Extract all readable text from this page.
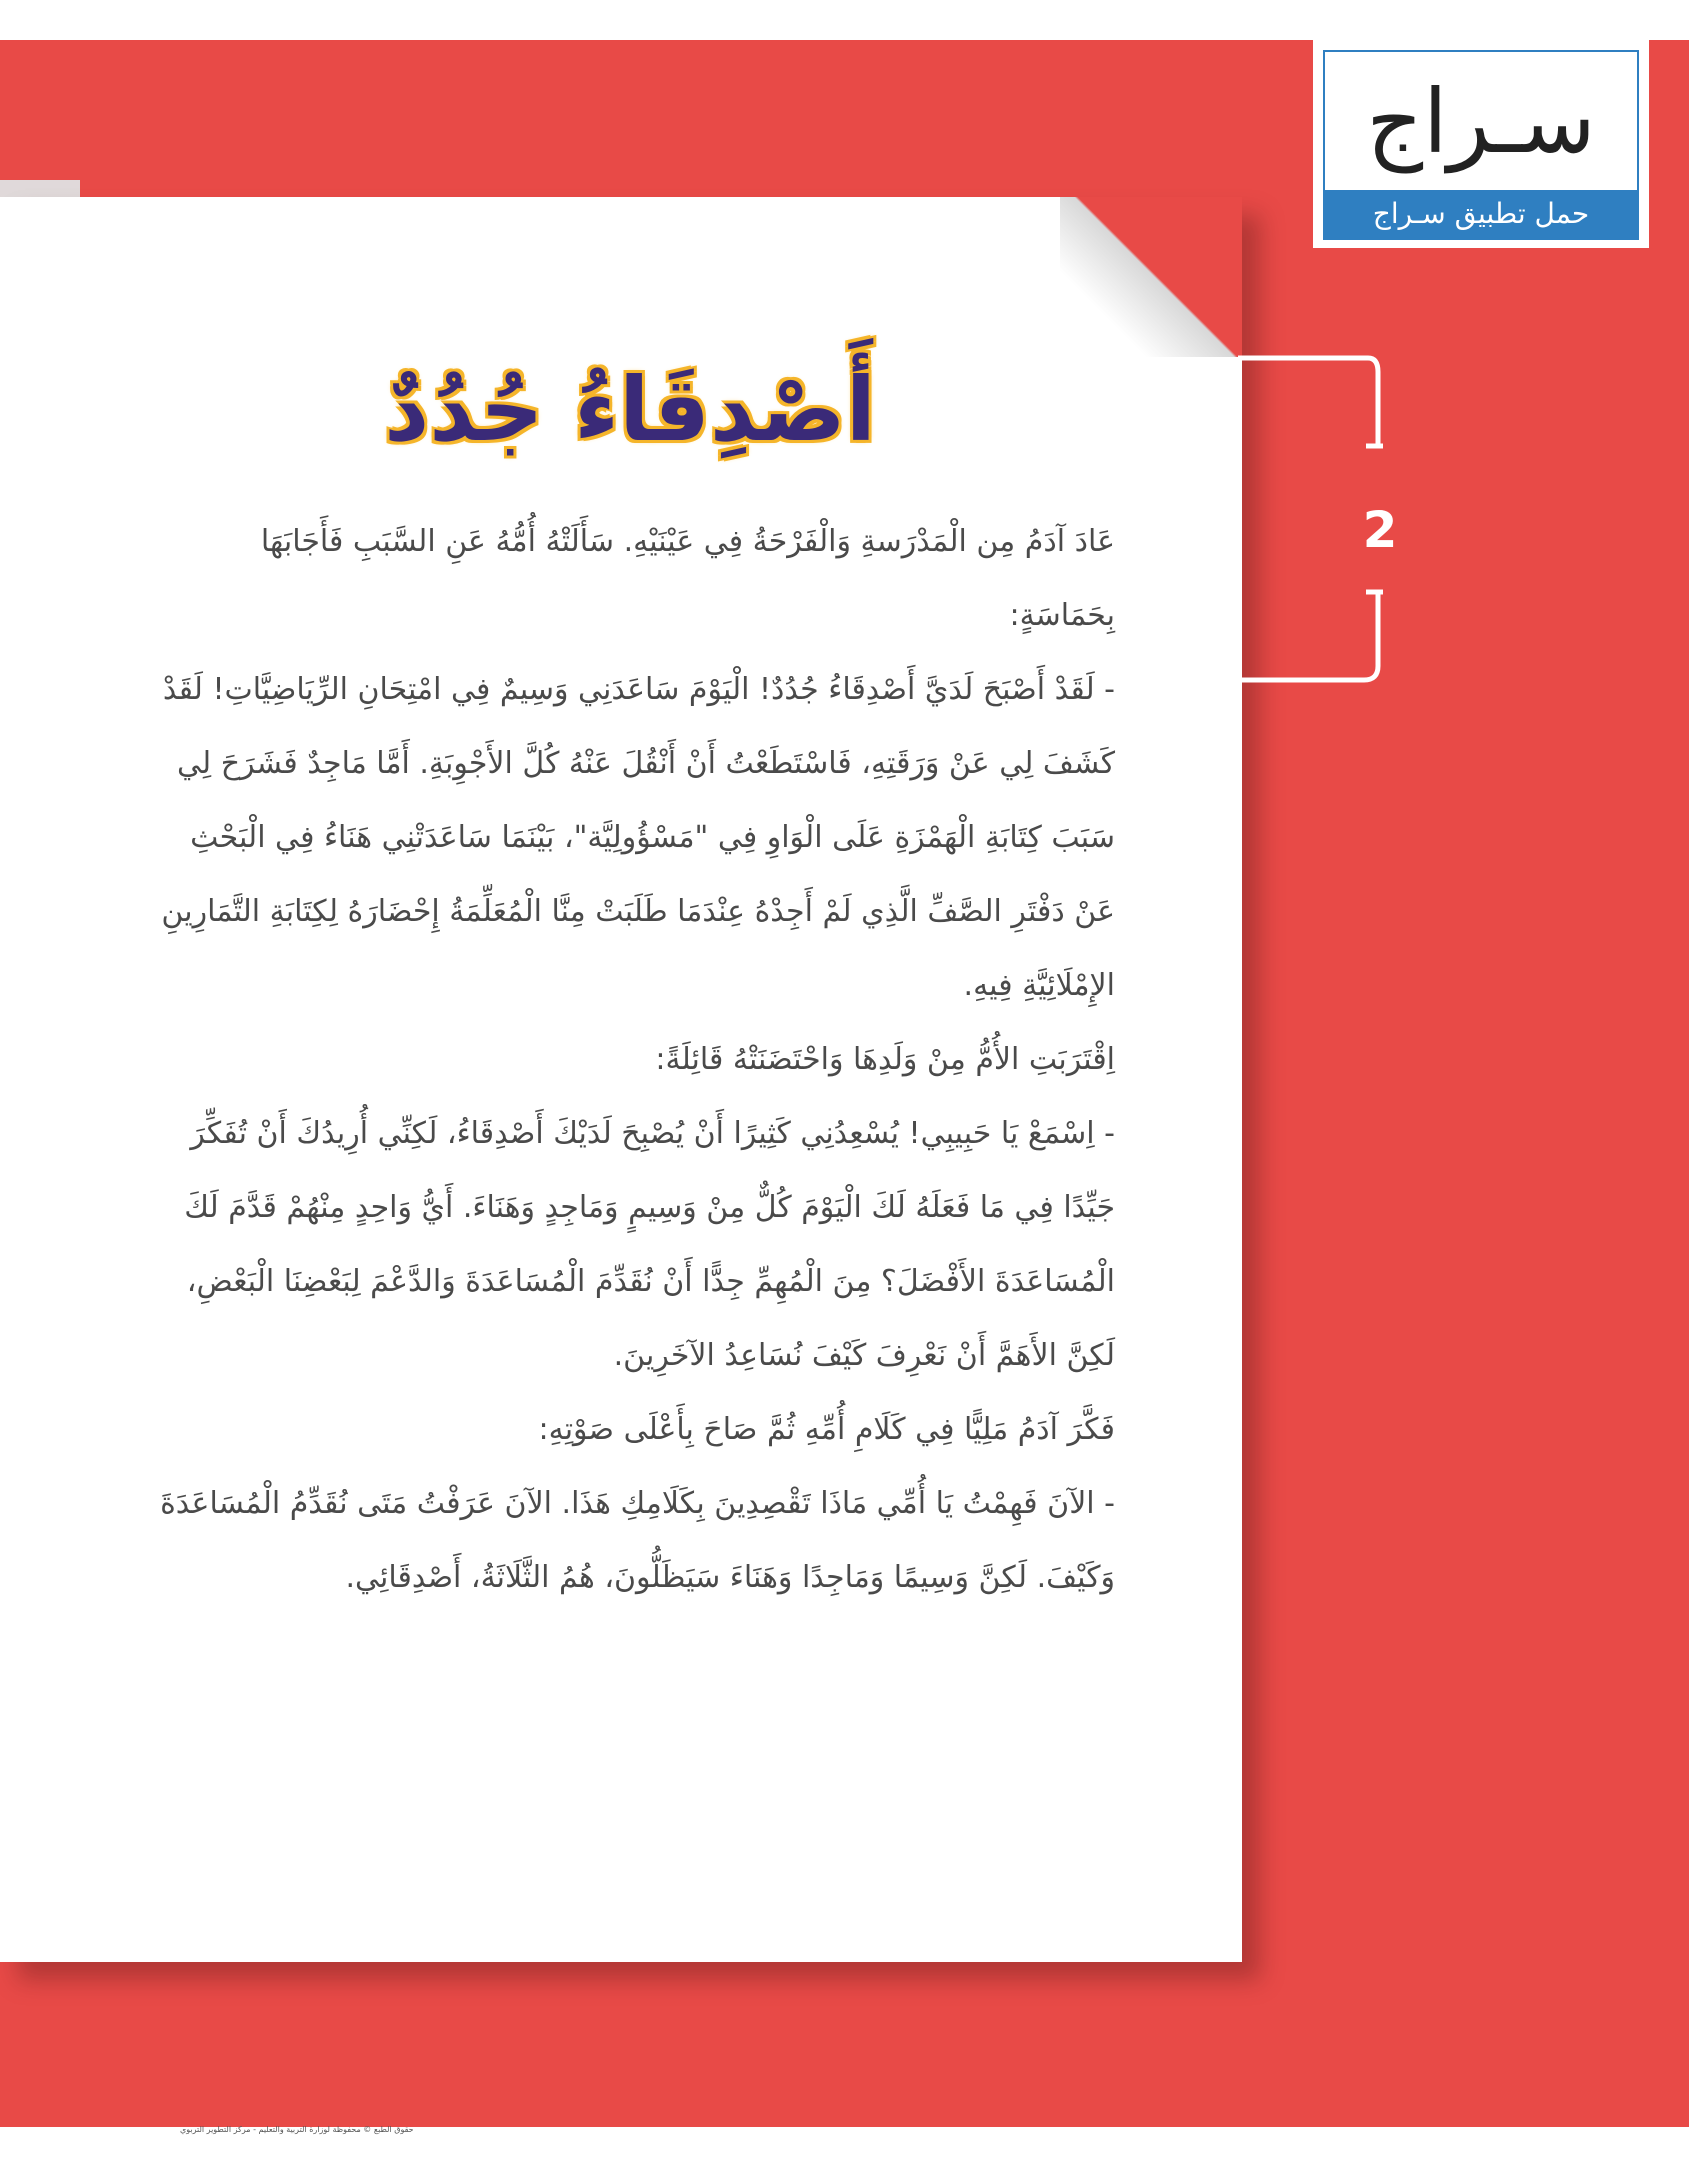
أَصْدِقَاءُ جُدُدٌ

عَادَ آدَمُ مِن الْمَدْرَسةِ وَالْفَرْحَةُ فِي عَيْنَيْهِ. سَأَلَتْهُ أُمُّهُ عَنِ السَّبَبِ فَأَجَابَهَا بِحَمَاسَةٍ:

- لَقَدْ أَصْبَحَ لَدَيَّ أَصْدِقَاءُ جُدُدٌ! الْيَوْمَ سَاعَدَنِي وَسِيمٌ فِي امْتِحَانِ الرِّيَاضِيَّاتِ! لَقَدْ كَشَفَ لِي عَنْ وَرَقَتِهِ، فَاسْتَطَعْتُ أَنْ أَنْقُلَ عَنْهُ كُلَّ الأَجْوِبَةِ. أَمَّا مَاجِدٌ فَشَرَحَ لِي سَبَبَ كِتَابَةِ الْهَمْزَةِ عَلَى الْوَاوِ فِي "مَسْؤُولِيَّة"، بَيْنَمَا سَاعَدَتْنِي هَنَاءُ فِي الْبَحْثِ عَنْ دَفْتَرِ الصَّفِّ الَّذِي لَمْ أَجِدْهُ عِنْدَمَا طَلَبَتْ مِنَّا الْمُعَلِّمَةُ إِحْضَارَهُ لِكِتَابَةِ التَّمَارِينِ الإِمْلَائِيَّةِ فِيهِ.

اِقْتَرَبَتِ الأُمُّ مِنْ وَلَدِهَا وَاحْتَضَنَتْهُ قَائِلَةً:

- اِسْمَعْ يَا حَبِيبِي! يُسْعِدُنِي كَثِيرًا أَنْ يُصْبِحَ لَدَيْكَ أَصْدِقَاءُ، لَكِنِّي أُرِيدُكَ أَنْ تُفَكِّرَ جَيِّدًا فِي مَا فَعَلَهُ لَكَ الْيَوْمَ كُلٌّ مِنْ وَسِيمٍ وَمَاجِدٍ وَهَنَاءَ. أَيُّ وَاحِدٍ مِنْهُمْ قَدَّمَ لَكَ الْمُسَاعَدَةَ الأَفْضَلَ؟ مِنَ الْمُهِمِّ جِدًّا أَنْ نُقَدِّمَ الْمُسَاعَدَةَ وَالدَّعْمَ لِبَعْضِنَا الْبَعْضِ، لَكِنَّ الأَهَمَّ أَنْ نَعْرِفَ كَيْفَ نُسَاعِدُ الآخَرِينَ.

فَكَّرَ آدَمُ مَلِيًّا فِي كَلَامِ أُمِّهِ ثُمَّ صَاحَ بِأَعْلَى صَوْتِهِ:

- الآنَ فَهِمْتُ يَا أُمِّي مَاذَا تَقْصِدِينَ بِكَلَامِكِ هَذَا. الآنَ عَرَفْتُ مَتَى نُقَدِّمُ الْمُسَاعَدَةَ وَكَيْفَ. لَكِنَّ وَسِيمًا وَمَاجِدًا وَهَنَاءَ سَيَظَلُّونَ، هُمُ الثَّلَاثَةُ، أَصْدِقَائِي.

2
سـراج
حمل تطبيق سـراج
حقوق الطبع © محفوظة لوزارة التربية والتعليم - مركز التطوير التربوي
